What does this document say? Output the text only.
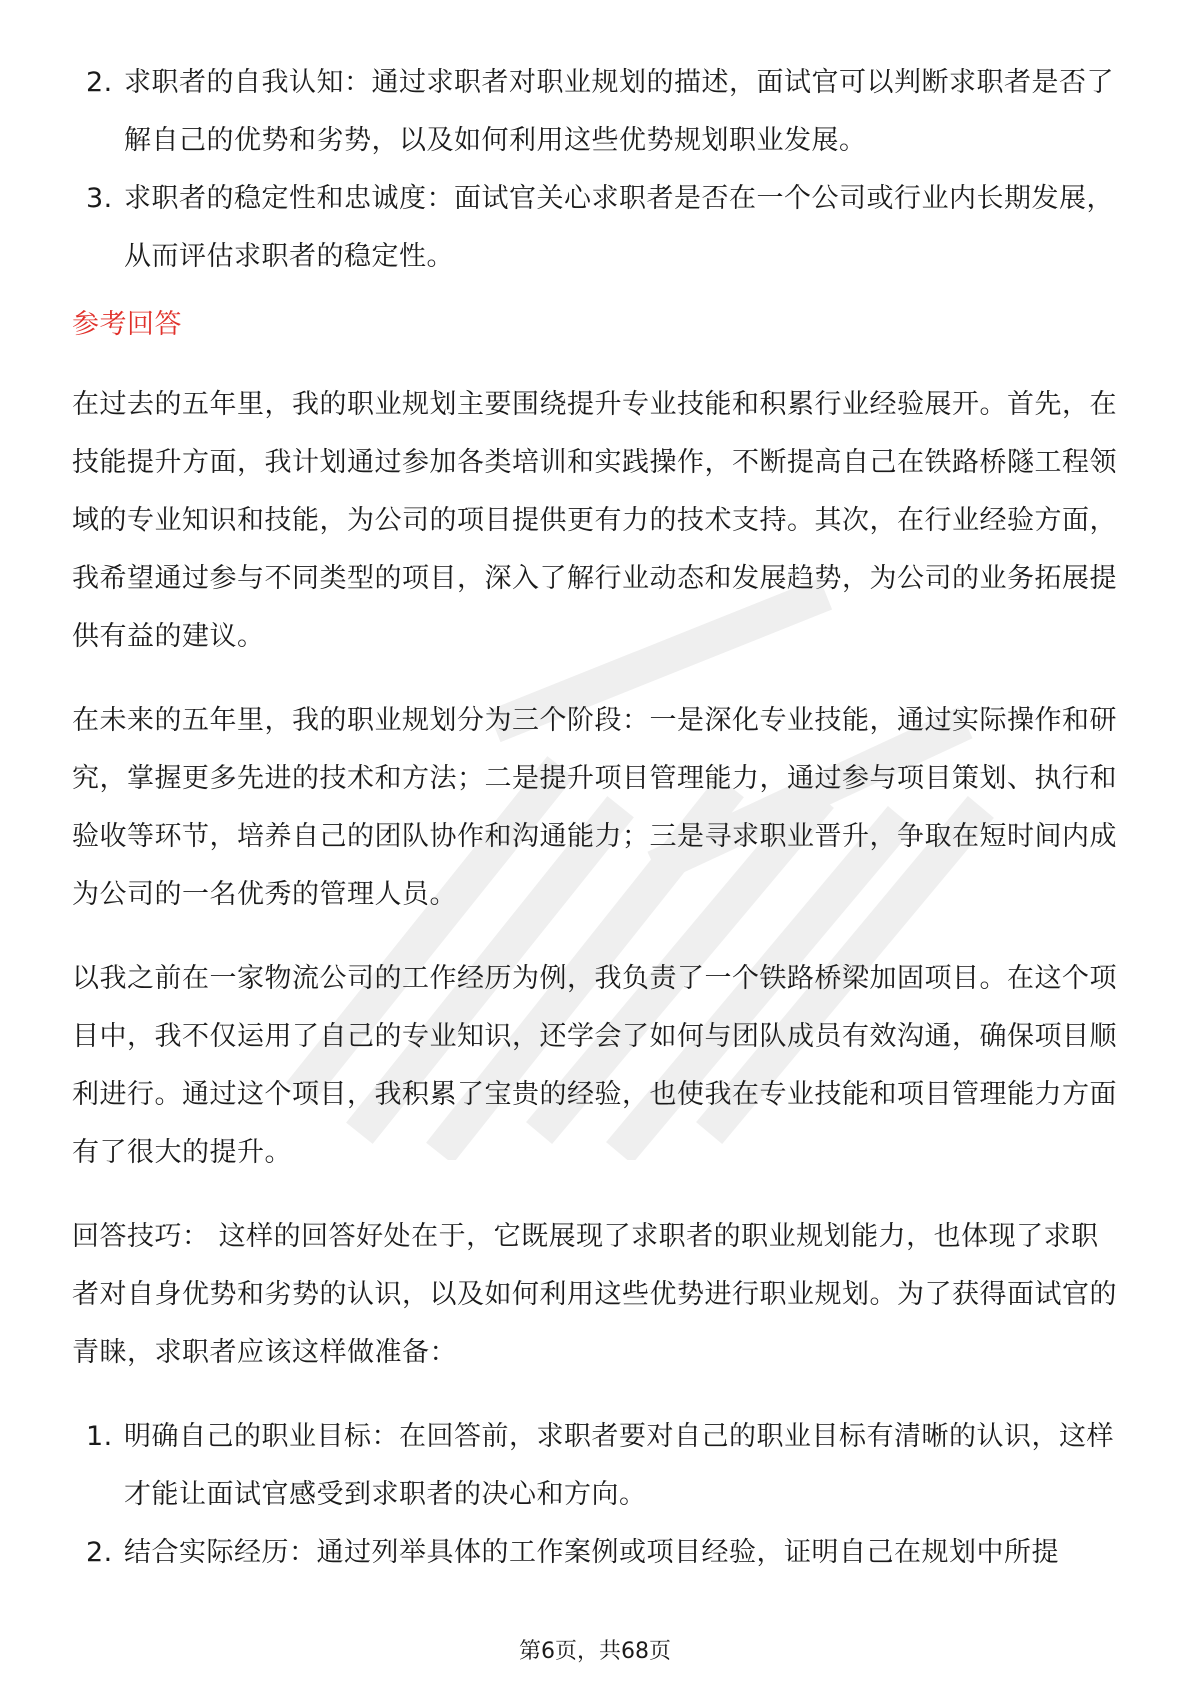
2. 求职者的自我认知：通过求职者对职业规划的描述，面试官可以判断求职者是否了解自己的优势和劣势，以及如何利用这些优势规划职业发展。
3. 求职者的稳定性和忠诚度：面试官关心求职者是否在一个公司或行业内长期发展，从而评估求职者的稳定性。
参考回答

在过去的五年里，我的职业规划主要围绕提升专业技能和积累行业经验展开。首先，在技能提升方面，我计划通过参加各类培训和实践操作，不断提高自己在铁路桥隧工程领域的专业知识和技能，为公司的项目提供更有力的技术支持。其次，在行业经验方面，我希望通过参与不同类型的项目，深入了解行业动态和发展趋势，为公司的业务拓展提供有益的建议。

在未来的五年里，我的职业规划分为三个阶段：一是深化专业技能，通过实际操作和研究，掌握更多先进的技术和方法；二是提升项目管理能力，通过参与项目策划、执行和验收等环节，培养自己的团队协作和沟通能力；三是寻求职业晋升，争取在短时间内成为公司的一名优秀的管理人员。

以我之前在一家物流公司的工作经历为例，我负责了一个铁路桥梁加固项目。在这个项目中，我不仅运用了自己的专业知识，还学会了如何与团队成员有效沟通，确保项目顺利进行。通过这个项目，我积累了宝贵的经验，也使我在专业技能和项目管理能力方面有了很大的提升。

回答技巧： 这样的回答好处在于，它既展现了求职者的职业规划能力，也体现了求职者对自身优势和劣势的认识，以及如何利用这些优势进行职业规划。为了获得面试官的青睐，求职者应该这样做准备：

1. 明确自己的职业目标：在回答前，求职者要对自己的职业目标有清晰的认识，这样才能让面试官感受到求职者的决心和方向。
2. 结合实际经历：通过列举具体的工作案例或项目经验，证明自己在规划中所提
第6页，共68页
